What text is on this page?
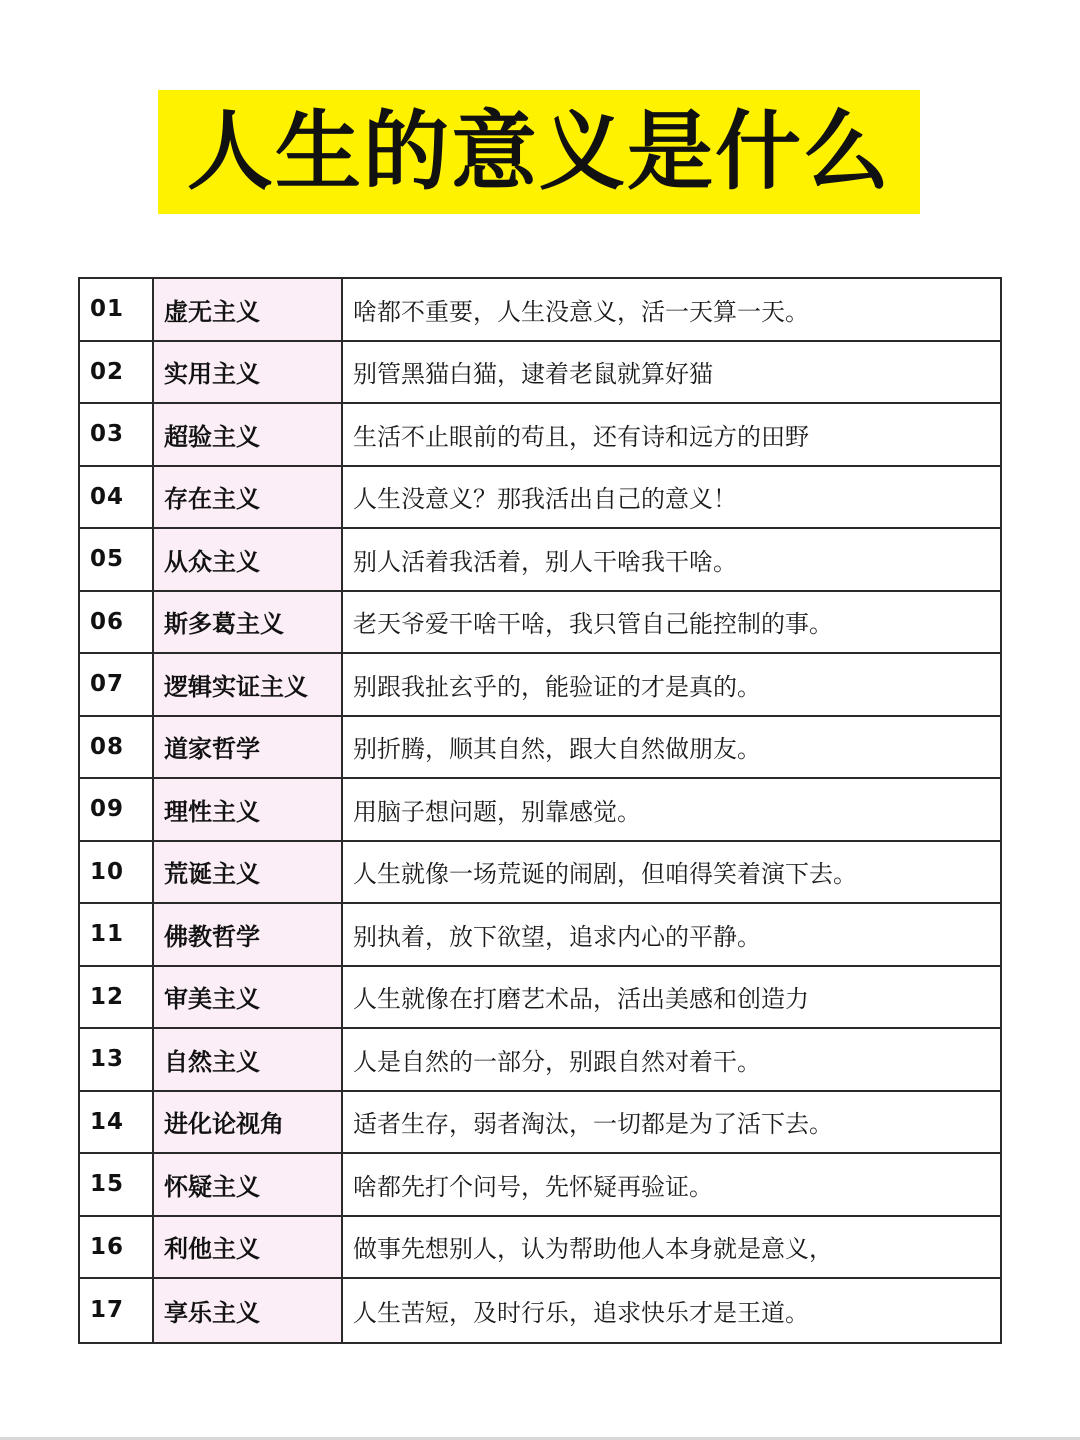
人生的意义是什么
01	虚无主义	啥都不重要，人生没意义，活一天算一天。
02	实用主义	别管黑猫白猫，逮着老鼠就算好猫
03	超验主义	生活不止眼前的苟且，还有诗和远方的田野
04	存在主义	人生没意义？那我活出自己的意义！
05	从众主义	别人活着我活着，别人干啥我干啥。
06	斯多葛主义	老天爷爱干啥干啥，我只管自己能控制的事。
07	逻辑实证主义	别跟我扯玄乎的，能验证的才是真的。
08	道家哲学	别折腾，顺其自然，跟大自然做朋友。
09	理性主义	用脑子想问题，别靠感觉。
10	荒诞主义	人生就像一场荒诞的闹剧，但咱得笑着演下去。
11	佛教哲学	别执着，放下欲望，追求内心的平静。
12	审美主义	人生就像在打磨艺术品，活出美感和创造力
13	自然主义	人是自然的一部分，别跟自然对着干。
14	进化论视角	适者生存，弱者淘汰，一切都是为了活下去。
15	怀疑主义	啥都先打个问号，先怀疑再验证。
16	利他主义	做事先想别人，认为帮助他人本身就是意义，
17	享乐主义	人生苦短，及时行乐，追求快乐才是王道。
